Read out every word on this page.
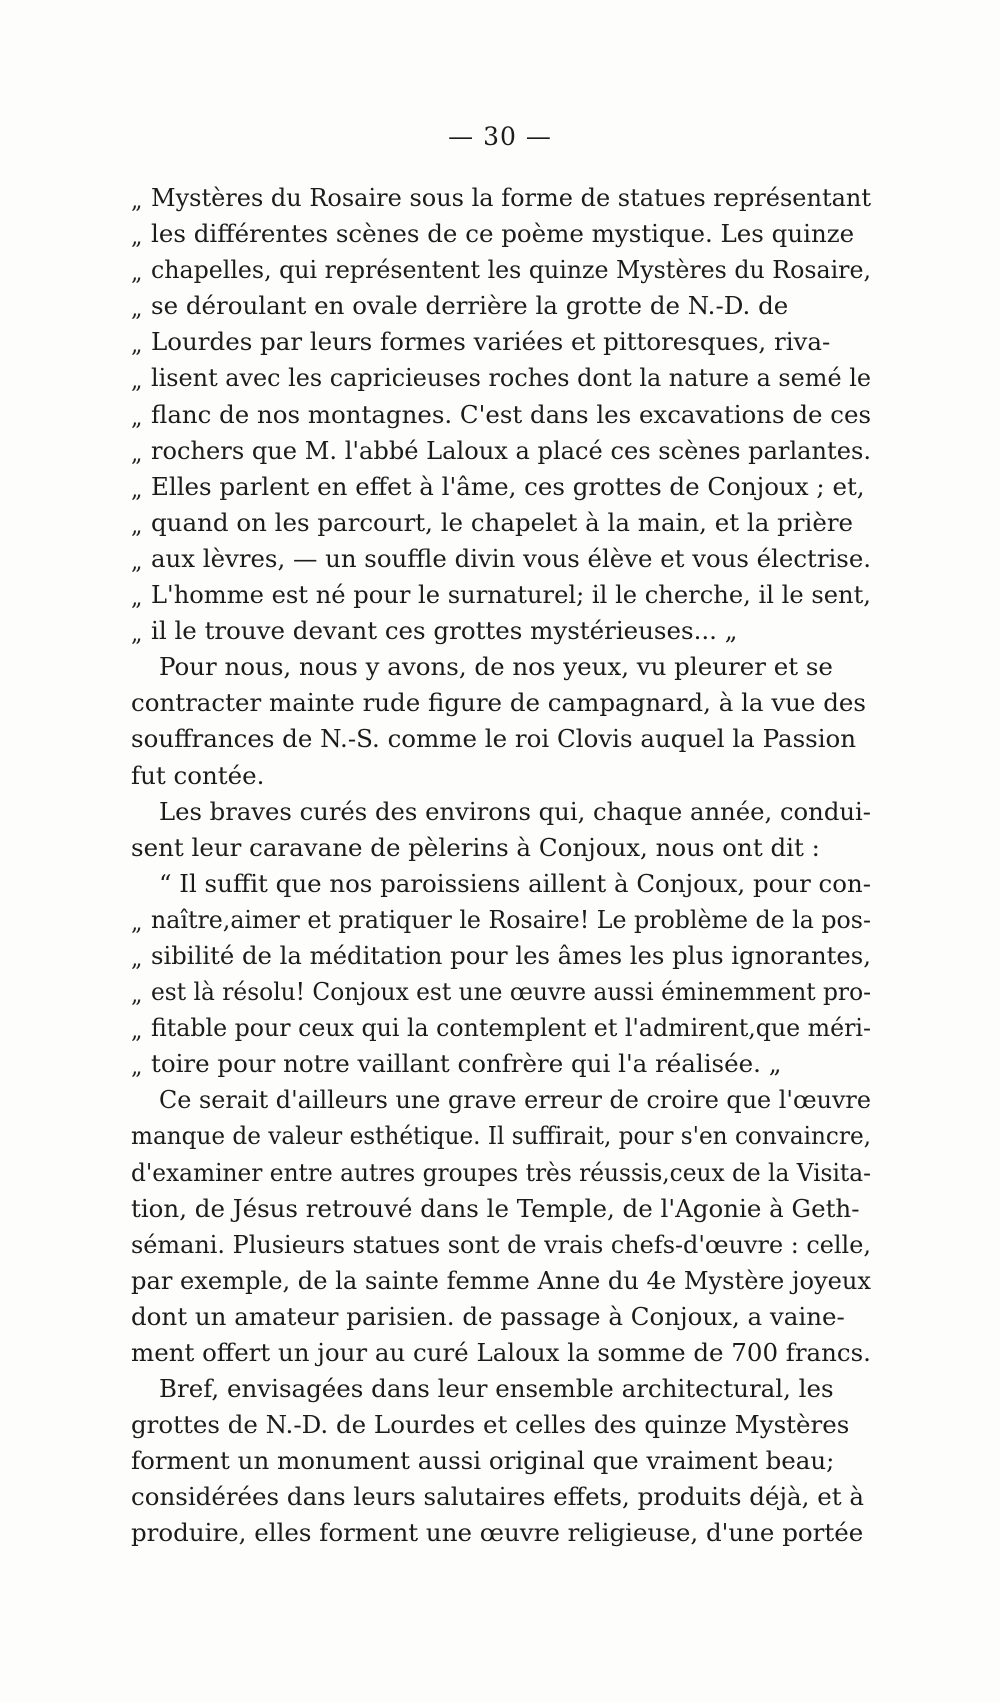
— 30 —
„ Mystères du Rosaire sous la forme de statues représentant
„ les différentes scènes de ce poème mystique. Les quinze
„ chapelles, qui représentent les quinze Mystères du Rosaire,
„ se déroulant en ovale derrière la grotte de N.-D. de
„ Lourdes par leurs formes variées et pittoresques, riva-
„ lisent avec les capricieuses roches dont la nature a semé le
„ flanc de nos montagnes. C'est dans les excavations de ces
„ rochers que M. l'abbé Laloux a placé ces scènes parlantes.
„ Elles parlent en effet à l'âme, ces grottes de Conjoux ; et,
„ quand on les parcourt, le chapelet à la main, et la prière
„ aux lèvres, — un souffle divin vous élève et vous électrise.
„ L'homme est né pour le surnaturel; il le cherche, il le sent,
„ il le trouve devant ces grottes mystérieuses... „
Pour nous, nous y avons, de nos yeux, vu pleurer et se
contracter mainte rude figure de campagnard, à la vue des
souffrances de N.-S. comme le roi Clovis auquel la Passion
fut contée.
Les braves curés des environs qui, chaque année, condui-
sent leur caravane de pèlerins à Conjoux, nous ont dit :
“ Il suffit que nos paroissiens aillent à Conjoux, pour con-
„ naître,aimer et pratiquer le Rosaire! Le problème de la pos-
„ sibilité de la méditation pour les âmes les plus ignorantes,
„ est là résolu! Conjoux est une œuvre aussi éminemment pro-
„ fitable pour ceux qui la contemplent et l'admirent,que méri-
„ toire pour notre vaillant confrère qui l'a réalisée. „
Ce serait d'ailleurs une grave erreur de croire que l'œuvre
manque de valeur esthétique. Il suffirait, pour s'en convaincre,
d'examiner entre autres groupes très réussis,ceux de la Visita-
tion, de Jésus retrouvé dans le Temple, de l'Agonie à Geth-
sémani. Plusieurs statues sont de vrais chefs-d'œuvre : celle,
par exemple, de la sainte femme Anne du 4e Mystère joyeux
dont un amateur parisien. de passage à Conjoux, a vaine-
ment offert un jour au curé Laloux la somme de 700 francs.
Bref, envisagées dans leur ensemble architectural, les
grottes de N.-D. de Lourdes et celles des quinze Mystères
forment un monument aussi original que vraiment beau;
considérées dans leurs salutaires effets, produits déjà, et à
produire, elles forment une œuvre religieuse, d'une portée
